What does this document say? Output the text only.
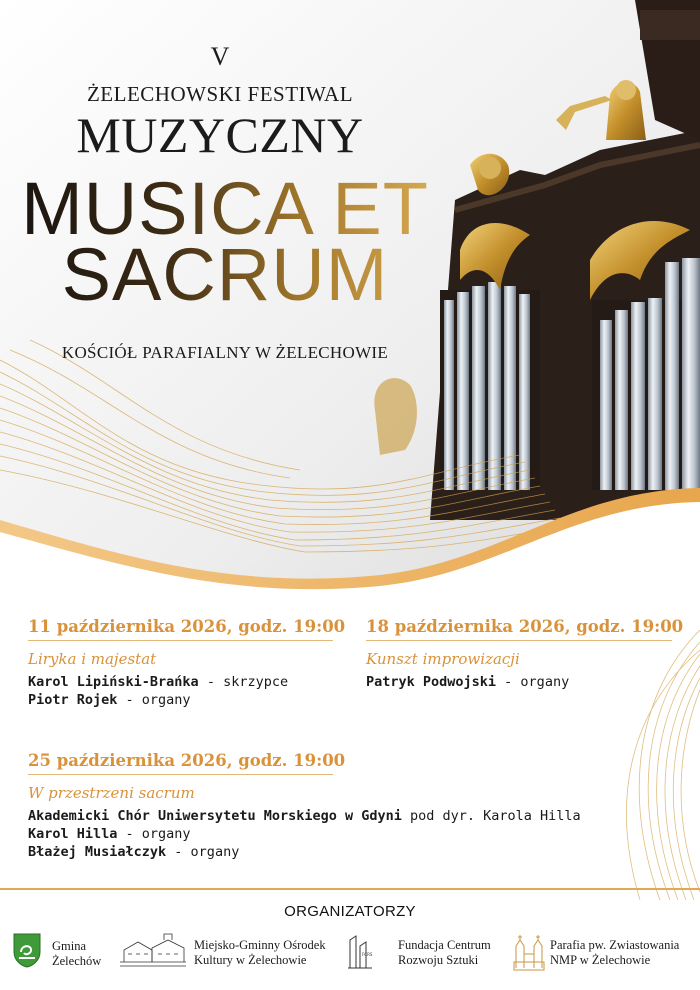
V
ŻELECHOWSKI FESTIWAL
MUZYCZNY
MUSICA ET
SACRUM
KOŚCIÓŁ PARAFIALNY W ŻELECHOWIE
11 października 2026, godz. 19:00
Liryka i majestat
Karol Lipiński-Brańka - skrzypce
Piotr Rojek - organy
18 października 2026, godz. 19:00
Kunszt improwizacji
Patryk Podwojski - organy
25 października 2026, godz. 19:00
W przestrzeni sacrum
Akademicki Chór Uniwersytetu Morskiego w Gdyni pod dyr. Karola Hilla
Karol Hilla - organy
Błażej Musiałczyk - organy
ORGANIZATORZY
Gmina
Żelechów
Miejsko-Gminny Ośrodek
Kultury w Żelechowie	FCRS
Fundacja Centrum
Rozwoju Sztuki
Parafia pw. Zwiastowania
NMP w Żelechowie
